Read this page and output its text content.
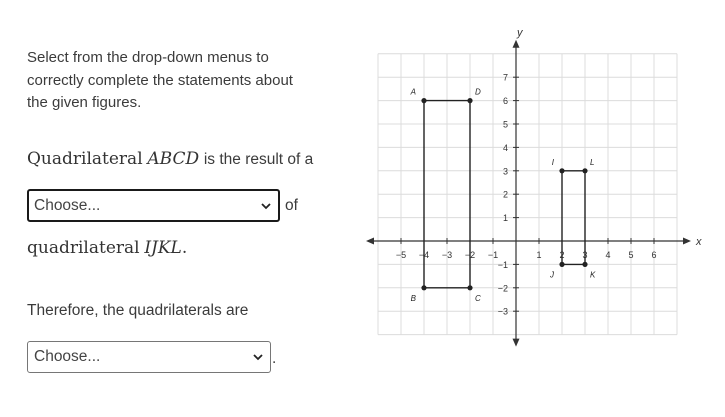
Select from the drop-down menus to
correctly complete the statements about
the given figures.
Quadrilateral ABCD is the result of a
Choose...	of
quadrilateral IJKL.
Therefore, the quadrilaterals are
Choose...	.
x
y
−5 −4 −3 −2 −1	1 2 3 4 5 6
−3
−2
−1
1
2
3
4
5
6
7
A	D
C
B
I	L
K
J
